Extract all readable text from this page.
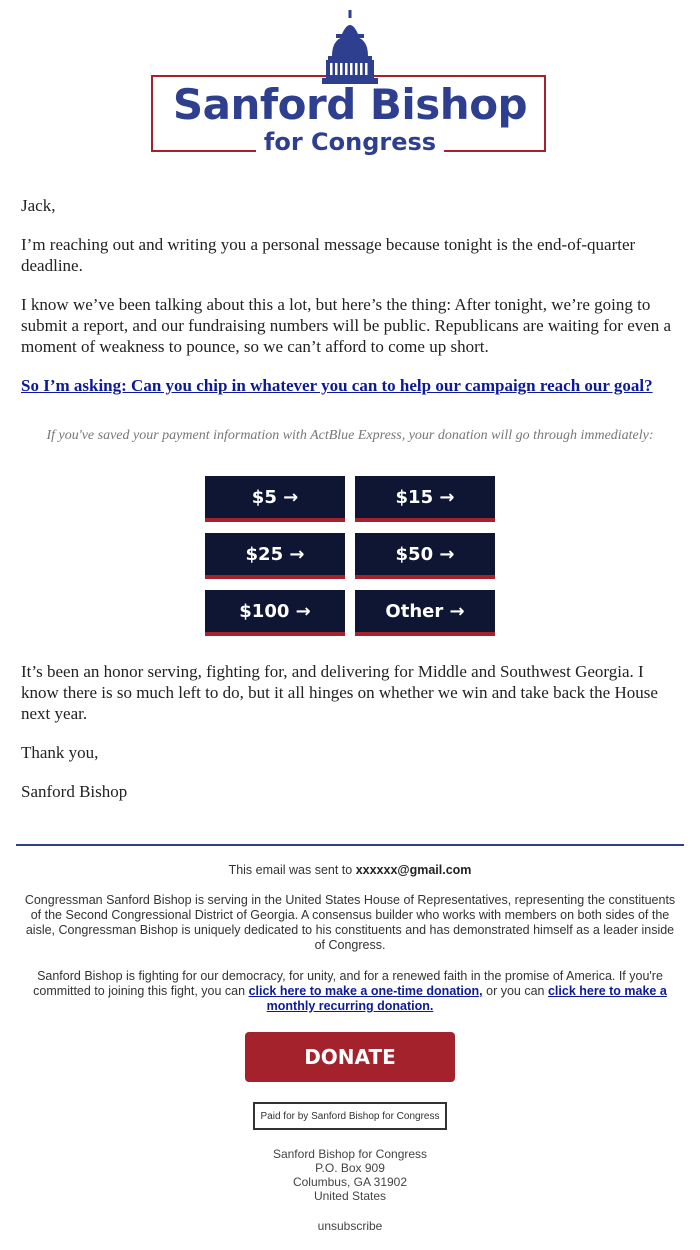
Sanford Bishop
for Congress

Jack,

I’m reaching out and writing you a personal message because tonight is the end-of-quarter deadline.

I know we’ve been talking about this a lot, but here’s the thing: After tonight, we’re going to submit a report, and our fundraising numbers will be public. Republicans are waiting for even a moment of weakness to pounce, so we can’t afford to come up short.

So I’m asking: Can you chip in whatever you can to help our campaign reach our goal?

If you've saved your payment information with ActBlue Express, your donation will go through immediately:
$5 →	$15 →
$25 →	$50 →
$100 →	Other →

It’s been an honor serving, fighting for, and delivering for Middle and Southwest Georgia. I know there is so much left to do, but it all hinges on whether we win and take back the House next year.

Thank you,

Sanford Bishop

This email was sent to xxxxxx@gmail.com
Congressman Sanford Bishop is serving in the United States House of Representatives, representing the constituents of the Second Congressional District of Georgia. A consensus builder who works with members on both sides of the aisle, Congressman Bishop is uniquely dedicated to his constituents and has demonstrated himself as a leader inside of Congress.
Sanford Bishop is fighting for our democracy, for unity, and for a renewed faith in the promise of America. If you're committed to joining this fight, you can click here to make a one-time donation, or you can click here to make a monthly recurring donation.
DONATE
Paid for by Sanford Bishop for Congress
Sanford Bishop for Congress
P.O. Box 909
Columbus, GA 31902
United States
unsubscribe
